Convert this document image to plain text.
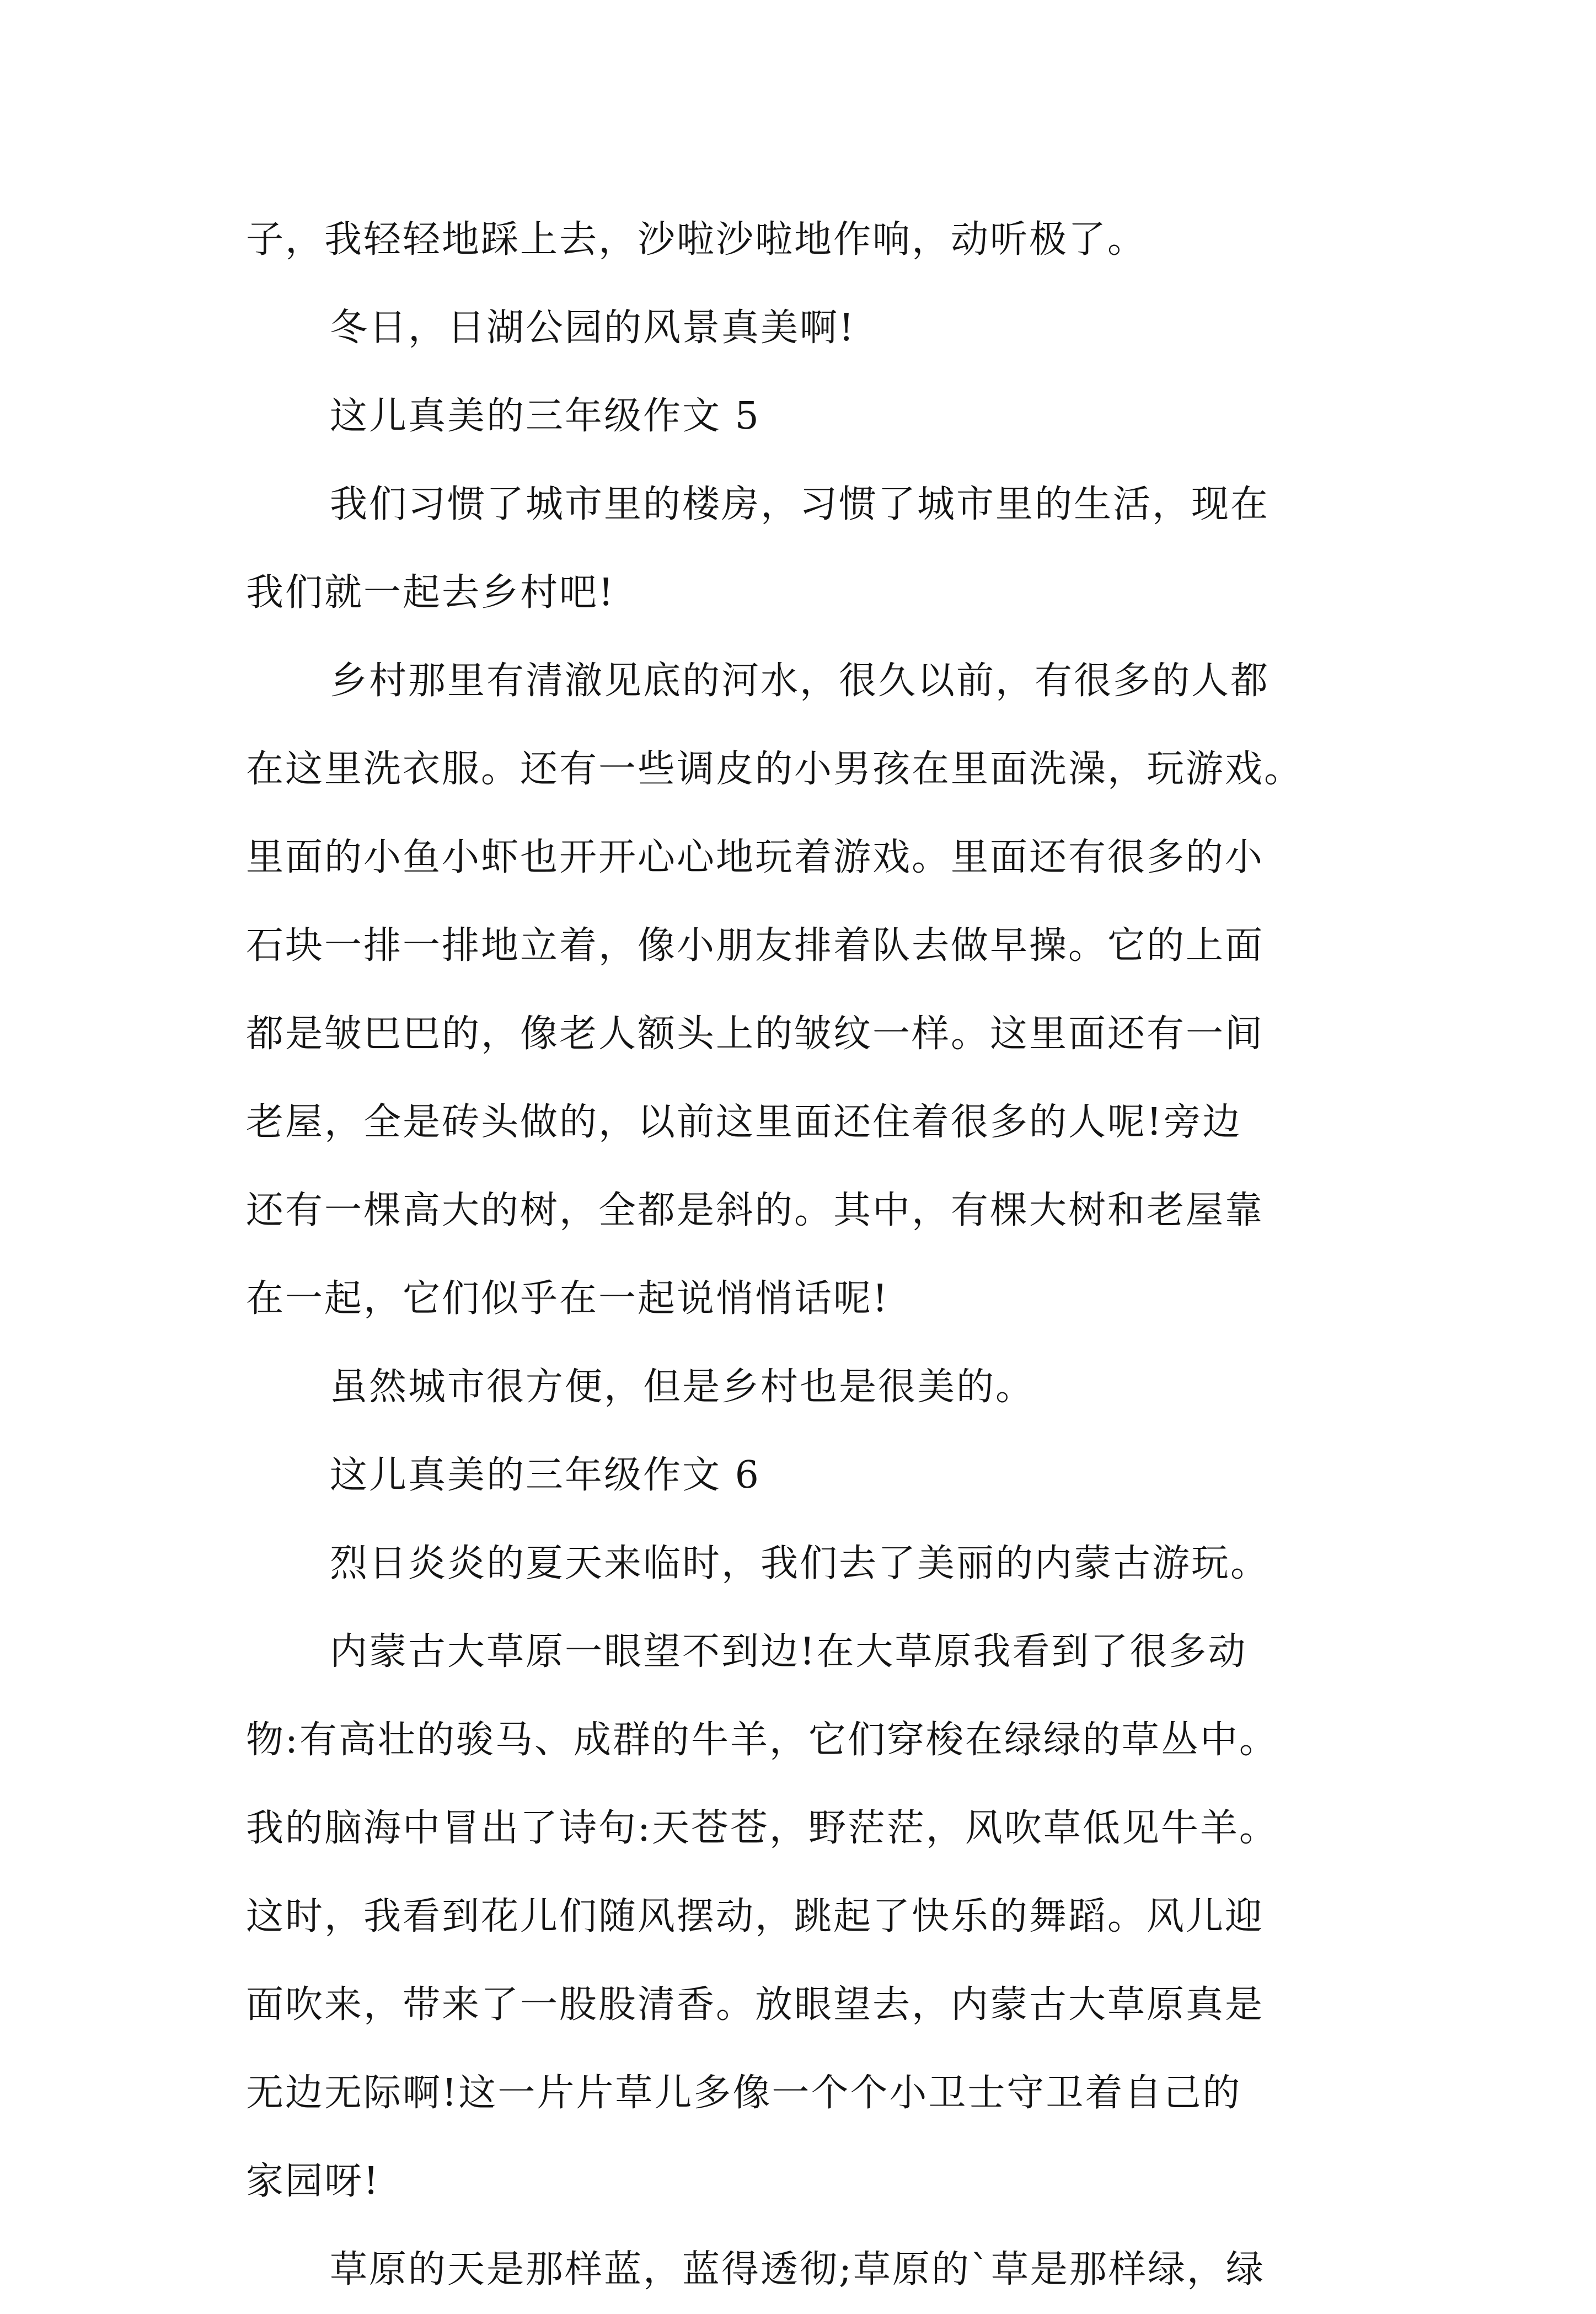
子，我轻轻地踩上去，沙啦沙啦地作响，动听极了。
冬日，日湖公园的风景真美啊!
这儿真美的三年级作文 5
我们习惯了城市里的楼房，习惯了城市里的生活，现在
我们就一起去乡村吧!
乡村那里有清澈见底的河水，很久以前，有很多的人都
在这里洗衣服。还有一些调皮的小男孩在里面洗澡，玩游戏。
里面的小鱼小虾也开开心心地玩着游戏。里面还有很多的小
石块一排一排地立着，像小朋友排着队去做早操。它的上面
都是皱巴巴的，像老人额头上的皱纹一样。这里面还有一间
老屋，全是砖头做的，以前这里面还住着很多的人呢!旁边
还有一棵高大的树，全都是斜的。其中，有棵大树和老屋靠
在一起，它们似乎在一起说悄悄话呢!
虽然城市很方便，但是乡村也是很美的。
这儿真美的三年级作文 6
烈日炎炎的夏天来临时，我们去了美丽的内蒙古游玩。
内蒙古大草原一眼望不到边!在大草原我看到了很多动
物:有高壮的骏马、成群的牛羊，它们穿梭在绿绿的草丛中。
我的脑海中冒出了诗句:天苍苍，野茫茫，风吹草低见牛羊。
这时，我看到花儿们随风摆动，跳起了快乐的舞蹈。风儿迎
面吹来，带来了一股股清香。放眼望去，内蒙古大草原真是
无边无际啊!这一片片草儿多像一个个小卫士守卫着自己的
家园呀!
草原的天是那样蓝，蓝得透彻;草原的`草是那样绿，绿
